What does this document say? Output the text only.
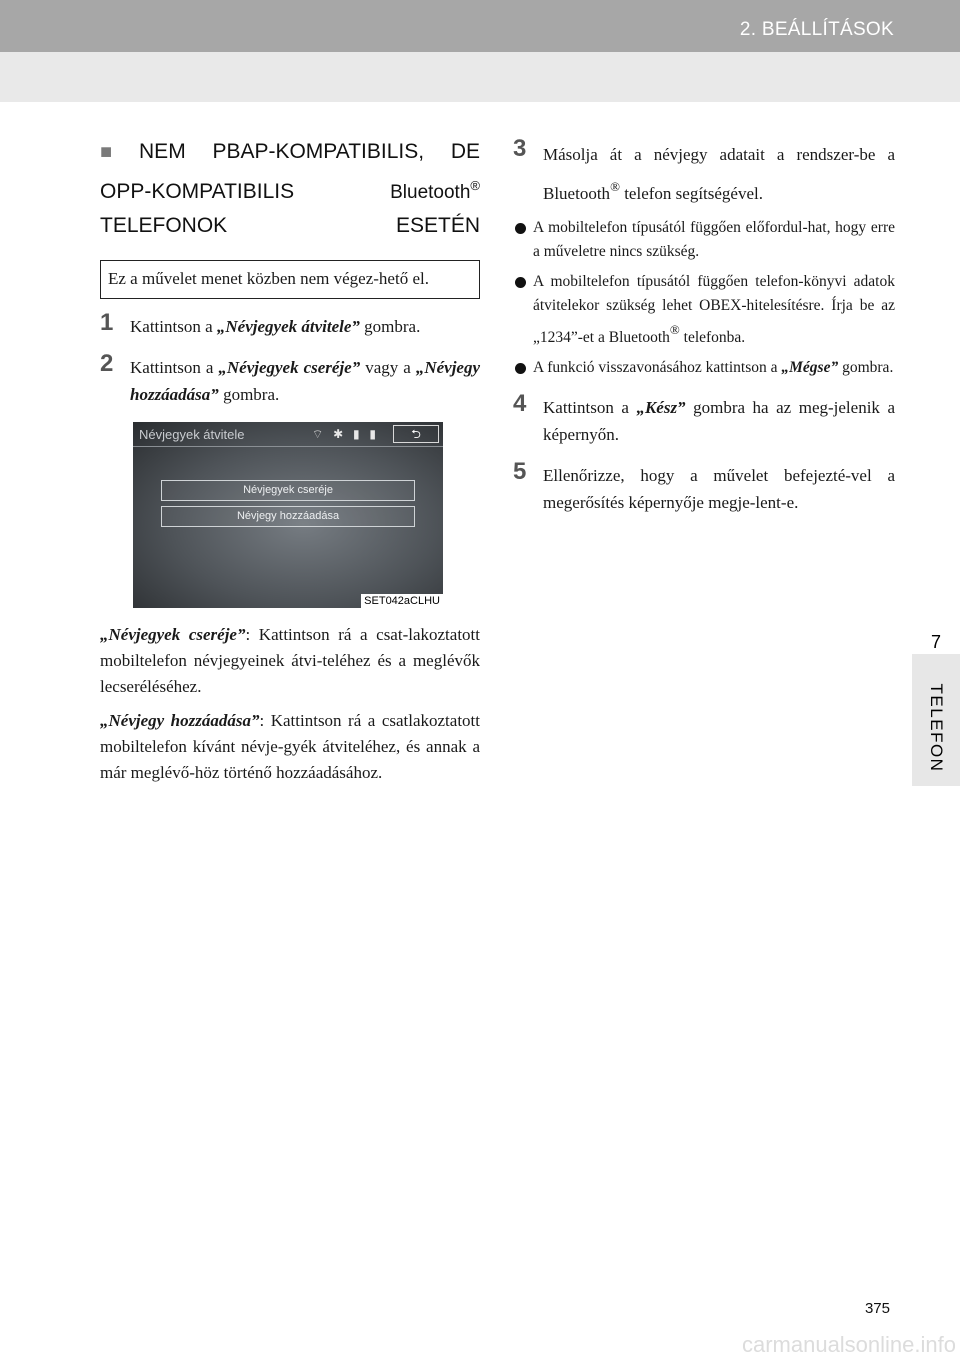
2. BEÁLLÍTÁSOK
7
TELEFON
■ NEM PBAP-KOMPATIBILIS, DE
OPP-KOMPATIBILIS	Bluetooth®
TELEFONOK ESETÉN
Ez a művelet menet közben nem végez-hető el.
1 Kattintson a „Névjegyek átvitele” gombra.
2 Kattintson a „Névjegyek cseréje” vagy a „Névjegy hozzáadása” gombra.
Névjegyek átvitele	⌔ ✱ ▮ ▮	⮌
Névjegyek cseréje
Névjegy hozzáadása
SET042aCLHU
„Névjegyek cseréje”: Kattintson rá a csat-lakoztatott mobiltelefon névjegyeinek átvi-teléhez és a meglévők lecseréléséhez.
„Névjegy hozzáadása”: Kattintson rá a csatlakoztatott mobiltelefon kívánt névje-gyék átviteléhez, és annak a már meglévő-höz történő hozzáadásához.
3 Másolja át a névjegy adatait a rendszer-be a Bluetooth® telefon segítségével.
A mobiltelefon típusától függően előfordul-hat, hogy erre a műveletre nincs szükség.
A mobiltelefon típusától függően telefon-könyvi adatok átvitelekor szükség lehet OBEX-hitelesítésre. Írja be az „1234”-et a Bluetooth® telefonba.
A funkció visszavonásához kattintson a „Mégse” gombra.
4 Kattintson a „Kész” gombra ha az meg-jelenik a képernyőn.
5 Ellenőrizze, hogy a művelet befejezté-vel a megerősítés képernyője megje-lent-e.
375
carmanualsonline.info
